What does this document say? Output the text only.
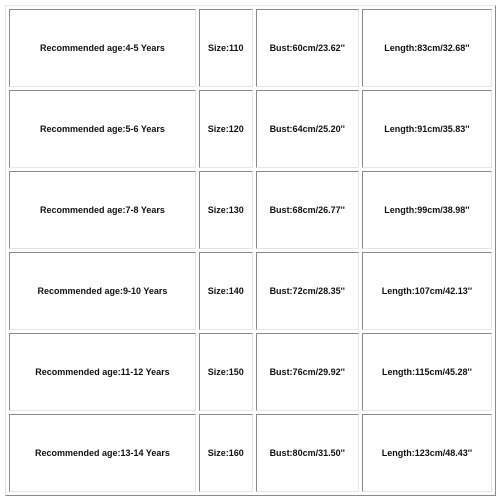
Recommended age:4-5 Years	Size:110	Bust:60cm/23.62''	Length:83cm/32.68''
Recommended age:5-6 Years	Size:120	Bust:64cm/25.20''	Length:91cm/35.83''
Recommended age:7-8 Years	Size:130	Bust:68cm/26.77''	Length:99cm/38.98''
Recommended age:9-10 Years	Size:140	Bust:72cm/28.35''	Length:107cm/42.13''
Recommended age:11-12 Years	Size:150	Bust:76cm/29.92''	Length:115cm/45.28''
Recommended age:13-14 Years	Size:160	Bust:80cm/31.50''	Length:123cm/48.43''
